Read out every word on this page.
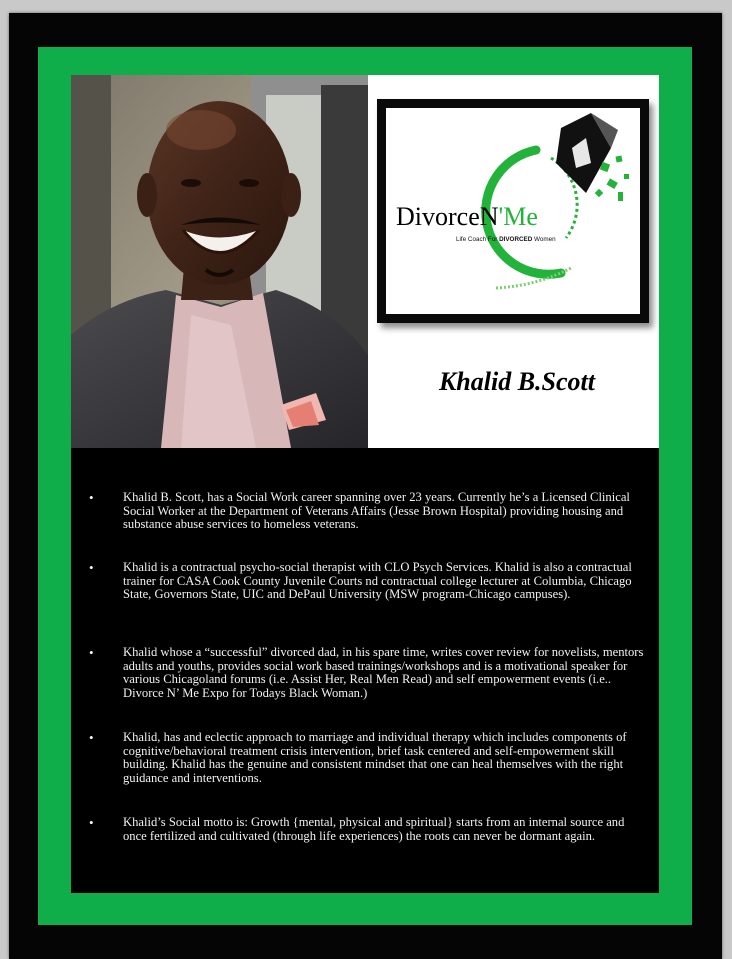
DivorceN'Me
Life Coach For DIVORCED Women
Khalid B.Scott
• Khalid B. Scott, has a Social Work career spanning over 23 years. Currently he’s a Licensed Clinical Social Worker at the Department of Veterans Affairs (Jesse Brown Hospital) providing housing and substance abuse services to homeless veterans.
• Khalid is a contractual psycho-social therapist with CLO Psych Services. Khalid is also a contractual trainer for CASA Cook County Juvenile Courts nd contractual college lecturer at Columbia, Chicago State, Governors State, UIC and DePaul University (MSW program-Chicago campuses).
• Khalid whose a “successful” divorced dad, in his spare time, writes cover review for novelists, mentors adults and youths, provides social work based trainings/workshops and is a motivational speaker for various Chicagoland forums (i.e. Assist Her, Real Men Read) and self empowerment events (i.e.. Divorce N’ Me Expo for Todays Black Woman.)
• Khalid, has and eclectic approach to marriage and individual therapy which includes components of cognitive/behavioral treatment crisis intervention, brief task centered and self-empowerment skill building. Khalid has the genuine and consistent mindset that one can heal themselves with the right guidance and interventions.
• Khalid’s Social motto is: Growth {mental, physical and spiritual} starts from an internal source and once fertilized and cultivated (through life experiences) the roots can never be dormant again.
